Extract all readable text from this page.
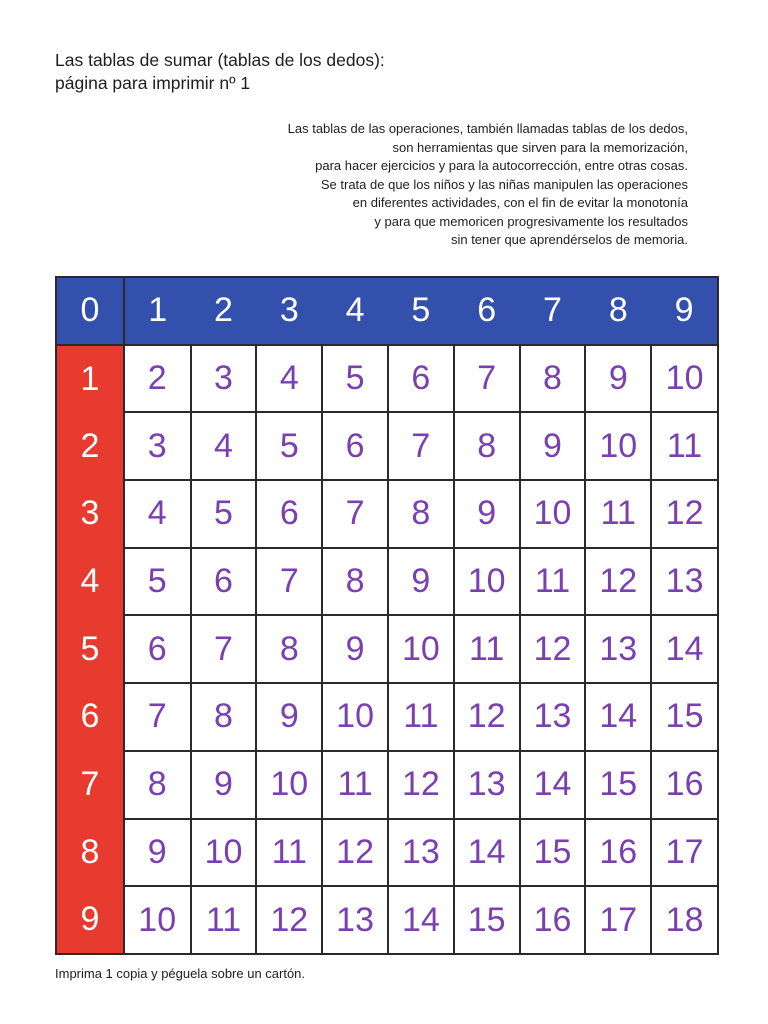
Las tablas de sumar (tablas de los dedos):
página para imprimir nº 1
Las tablas de las operaciones, también llamadas tablas de los dedos,
son herramientas que sirven para la memorización,
para hacer ejercicios y para la autocorrección, entre otras cosas.
Se trata de que los niños y las niñas manipulen las operaciones
en diferentes actividades, con el fin de evitar la monotonía
y para que memoricen progresivamente los resultados
sin tener que aprendérselos de memoria.
0	1	2	3	4	5	6	7	8	9
1	2	3	4	5	6	7	8	9	10
2	3	4	5	6	7	8	9	10	11
3	4	5	6	7	8	9	10	11	12
4	5	6	7	8	9	10	11	12	13
5	6	7	8	9	10	11	12	13	14
6	7	8	9	10	11	12	13	14	15
7	8	9	10	11	12	13	14	15	16
8	9	10	11	12	13	14	15	16	17
9	10	11	12	13	14	15	16	17	18
Imprima 1 copia y péguela sobre un cartón.
